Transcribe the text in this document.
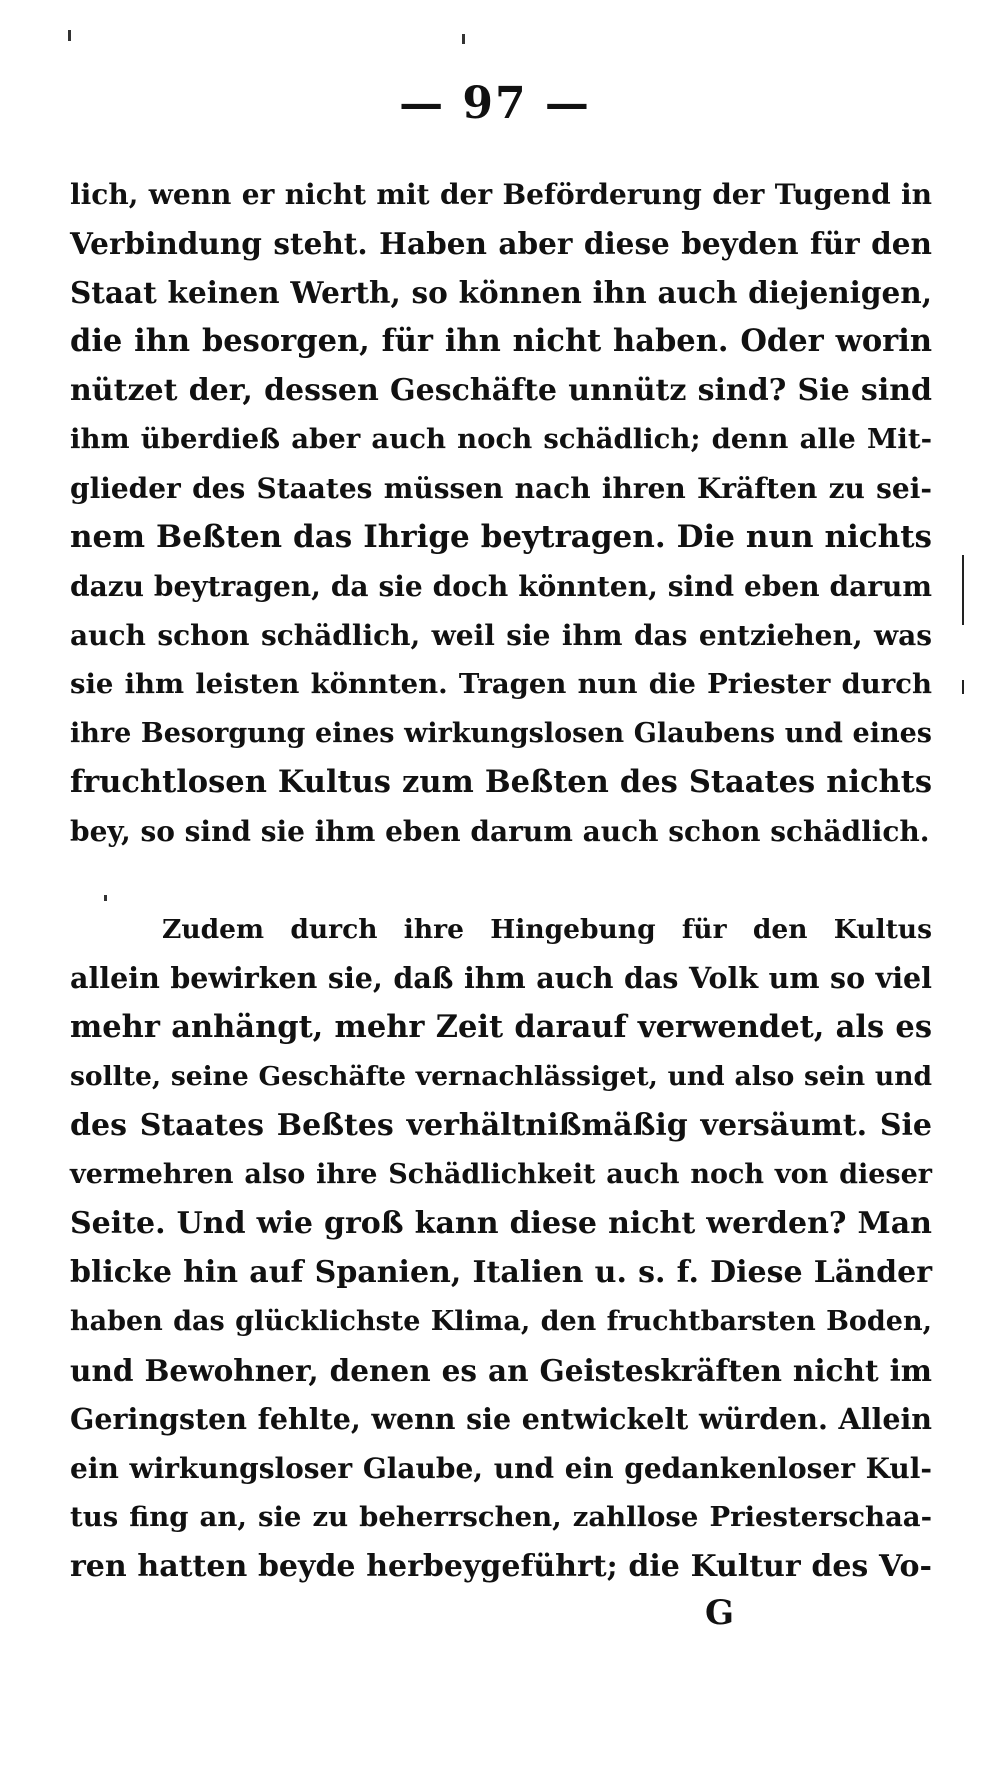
— 97 —
lich, wenn er nicht mit der Beförderung der Tugend in
Verbindung steht. Haben aber diese beyden für den
Staat keinen Werth, so können ihn auch diejenigen,
die ihn besorgen, für ihn nicht haben. Oder worin
nützet der, dessen Geschäfte unnütz sind? Sie sind
ihm überdieß aber auch noch schädlich; denn alle Mit-
glieder des Staates müssen nach ihren Kräften zu sei-
nem Beßten das Ihrige beytragen. Die nun nichts
dazu beytragen, da sie doch könnten, sind eben darum
auch schon schädlich, weil sie ihm das entziehen, was
sie ihm leisten könnten. Tragen nun die Priester durch
ihre Besorgung eines wirkungslosen Glaubens und eines
fruchtlosen Kultus zum Beßten des Staates nichts
bey, so sind sie ihm eben darum auch schon schädlich.
Zudem durch ihre Hingebung für den Kultus
allein bewirken sie, daß ihm auch das Volk um so viel
mehr anhängt, mehr Zeit darauf verwendet, als es
sollte, seine Geschäfte vernachlässiget, und also sein und
des Staates Beßtes verhältnißmäßig versäumt. Sie
vermehren also ihre Schädlichkeit auch noch von dieser
Seite. Und wie groß kann diese nicht werden? Man
blicke hin auf Spanien, Italien u. s. f. Diese Länder
haben das glücklichste Klima, den fruchtbarsten Boden,
und Bewohner, denen es an Geisteskräften nicht im
Geringsten fehlte, wenn sie entwickelt würden. Allein
ein wirkungsloser Glaube, und ein gedankenloser Kul-
tus fing an, sie zu beherrschen, zahllose Priesterschaa-
ren hatten beyde herbeygeführt; die Kultur des Vo-
G
